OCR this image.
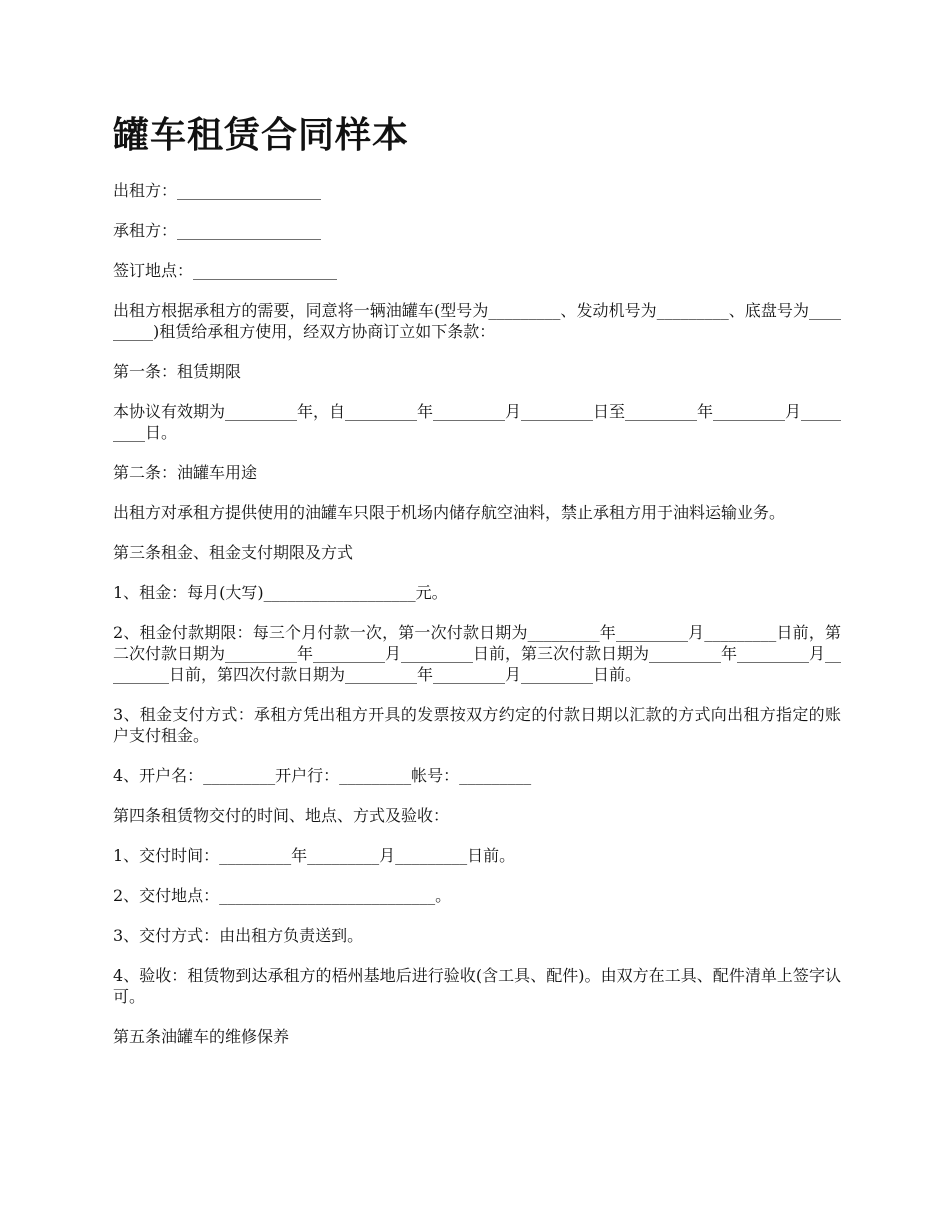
罐车租赁合同样本

出租方：__________________

承租方：__________________

签订地点：__________________

出租方根据承租方的需要，同意将一辆油罐车(型号为_________、发动机号为_________、底盘号为_________)租赁给承租方使用，经双方协商订立如下条款：

第一条：租赁期限

本协议有效期为_________年，自_________年_________月_________日至_________年_________月_________日。

第二条：油罐车用途

出租方对承租方提供使用的油罐车只限于机场内储存航空油料，禁止承租方用于油料运输业务。

第三条租金、租金支付期限及方式

1、租金：每月(大写)___________________元。

2、租金付款期限：每三个月付款一次，第一次付款日期为_________年_________月_________日前，第二次付款日期为_________年_________月_________日前，第三次付款日期为_________年_________月_________日前，第四次付款日期为_________年_________月_________日前。

3、租金支付方式：承租方凭出租方开具的发票按双方约定的付款日期以汇款的方式向出租方指定的账户支付租金。

4、开户名：_________开户行：_________帐号：_________

第四条租赁物交付的时间、地点、方式及验收：

1、交付时间：_________年_________月_________日前。

2、交付地点：___________________________。

3、交付方式：由出租方负责送到。

4、验收：租赁物到达承租方的梧州基地后进行验收(含工具、配件)。由双方在工具、配件清单上签字认可。

第五条油罐车的维修保养
